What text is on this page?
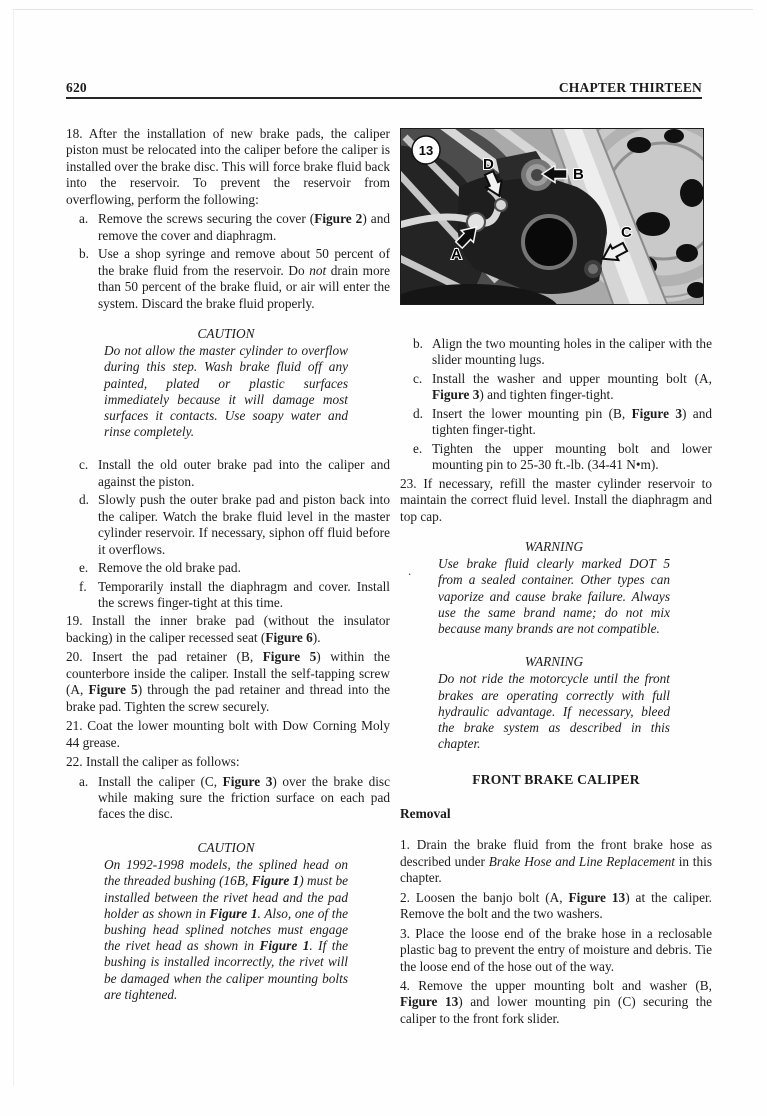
620	CHAPTER THIRTEEN

18. After the installation of new brake pads, the caliper piston must be relocated into the caliper before the caliper is installed over the brake disc. This will force brake fluid back into the reservoir. To prevent the reservoir from overflowing, perform the following:

a. Remove the screws securing the cover (Figure 2) and remove the cover and diaphragm.
b. Use a shop syringe and remove about 50 percent of the brake fluid from the reservoir. Do not drain more than 50 percent of the brake fluid, or air will enter the system. Discard the brake fluid properly.
CAUTION
Do not allow the master cylinder to overflow during this step. Wash brake fluid off any painted, plated or plastic surfaces immediately because it will damage most surfaces it contacts. Use soapy water and rinse completely.
c. Install the old outer brake pad into the caliper and against the piston.
d. Slowly push the outer brake pad and piston back into the caliper. Watch the brake fluid level in the master cylinder reservoir. If necessary, siphon off fluid before it overflows.
e. Remove the old brake pad.
f. Temporarily install the diaphragm and cover. Install the screws finger-tight at this time.

19. Install the inner brake pad (without the insulator backing) in the caliper recessed seat (Figure 6).

20. Insert the pad retainer (B, Figure 5) within the counterbore inside the caliper. Install the self-tapping screw (A, Figure 5) through the pad retainer and thread into the brake pad. Tighten the screw securely.

21. Coat the lower mounting bolt with Dow Corning Moly 44 grease.

22. Install the caliper as follows:

a. Install the caliper (C, Figure 3) over the brake disc while making sure the friction surface on each pad faces the disc.
CAUTION
On 1992-1998 models, the splined head on the threaded bushing (16B, Figure 1) must be installed between the rivet head and the pad holder as shown in Figure 1. Also, one of the bushing head splined notches must engage the rivet head as shown in Figure 1. If the bushing is installed incorrectly, the rivet will be damaged when the caliper mounting bolts are tightened.
13
A
B
C
D
b. Align the two mounting holes in the caliper with the slider mounting lugs.
c. Install the washer and upper mounting bolt (A, Figure 3) and tighten finger-tight.
d. Insert the lower mounting pin (B, Figure 3) and tighten finger-tight.
e. Tighten the upper mounting bolt and lower mounting pin to 25-30 ft.-lb. (34-41 N•m).

23. If necessary, refill the master cylinder reservoir to maintain the correct fluid level. Install the diaphragm and top cap.

.
WARNING
Use brake fluid clearly marked DOT 5 from a sealed container. Other types can vaporize and cause brake failure. Always use the same brand name; do not mix because many brands are not compatible.
WARNING
Do not ride the motorcycle until the front brakes are operating correctly with full hydraulic advantage. If necessary, bleed the brake system as described in this chapter.
FRONT BRAKE CALIPER
Removal

1. Drain the brake fluid from the front brake hose as described under Brake Hose and Line Replacement in this chapter.

2. Loosen the banjo bolt (A, Figure 13) at the caliper. Remove the bolt and the two washers.

3. Place the loose end of the brake hose in a reclosable plastic bag to prevent the entry of moisture and debris. Tie the loose end of the hose out of the way.

4. Remove the upper mounting bolt and washer (B, Figure 13) and lower mounting pin (C) securing the caliper to the front fork slider.
